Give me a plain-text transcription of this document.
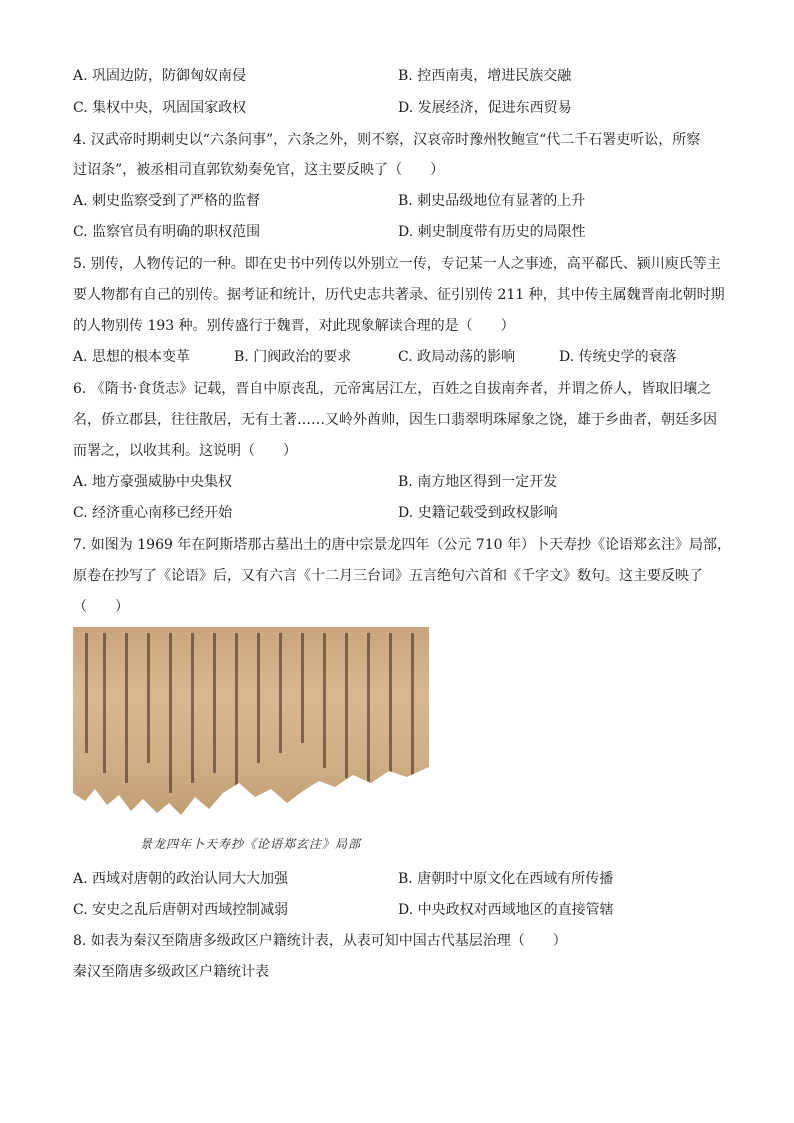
A. 巩固边防，防御匈奴南侵	B. 控西南夷，增进民族交融
C. 集权中央，巩固国家政权	D. 发展经济，促进东西贸易
4. 汉武帝时期刺史以“六条问事”，六条之外，则不察，汉哀帝时豫州牧鲍宣“代二千石署吏听讼，所察
过诏条”，被丞相司直郭钦劾奏免官，这主要反映了（　　）
A. 刺史监察受到了严格的监督	B. 刺史品级地位有显著的上升
C. 监察官员有明确的职权范围	D. 刺史制度带有历史的局限性
5. 别传，人物传记的一种。即在史书中列传以外别立一传，专记某一人之事迹，高平郗氏、颍川庾氏等主
要人物都有自己的别传。据考证和统计，历代史志共著录、征引别传 211 种，其中传主属魏晋南北朝时期
的人物别传 193 种。别传盛行于魏晋，对此现象解读合理的是（　　）
A. 思想的根本变革	B. 门阀政治的要求	C. 政局动荡的影响	D. 传统史学的衰落
6. 《隋书·食货志》记载，晋自中原丧乱，元帝寓居江左，百姓之自拔南奔者，并谓之侨人，皆取旧壤之
名，侨立郡县，往往散居，无有土著……又岭外酋帅，因生口翡翠明珠犀象之饶，雄于乡曲者，朝廷多因
而署之，以收其利。这说明（　　）
A. 地方豪强威胁中央集权	B. 南方地区得到一定开发
C. 经济重心南移已经开始	D. 史籍记载受到政权影响
7. 如图为 1969 年在阿斯塔那古墓出土的唐中宗景龙四年（公元 710 年）卜天寿抄《论语郑玄注》局部，
原卷在抄写了《论语》后，又有六言《十二月三台词》五言绝句六首和《千字文》数句。这主要反映了
（　　）
景龙四年卜天寿抄《论语郑玄注》局部
A. 西域对唐朝的政治认同大大加强	B. 唐朝时中原文化在西域有所传播
C. 安史之乱后唐朝对西域控制减弱	D. 中央政权对西域地区的直接管辖
8. 如表为秦汉至隋唐多级政区户籍统计表，从表可知中国古代基层治理（　　）
秦汉至隋唐多级政区户籍统计表
